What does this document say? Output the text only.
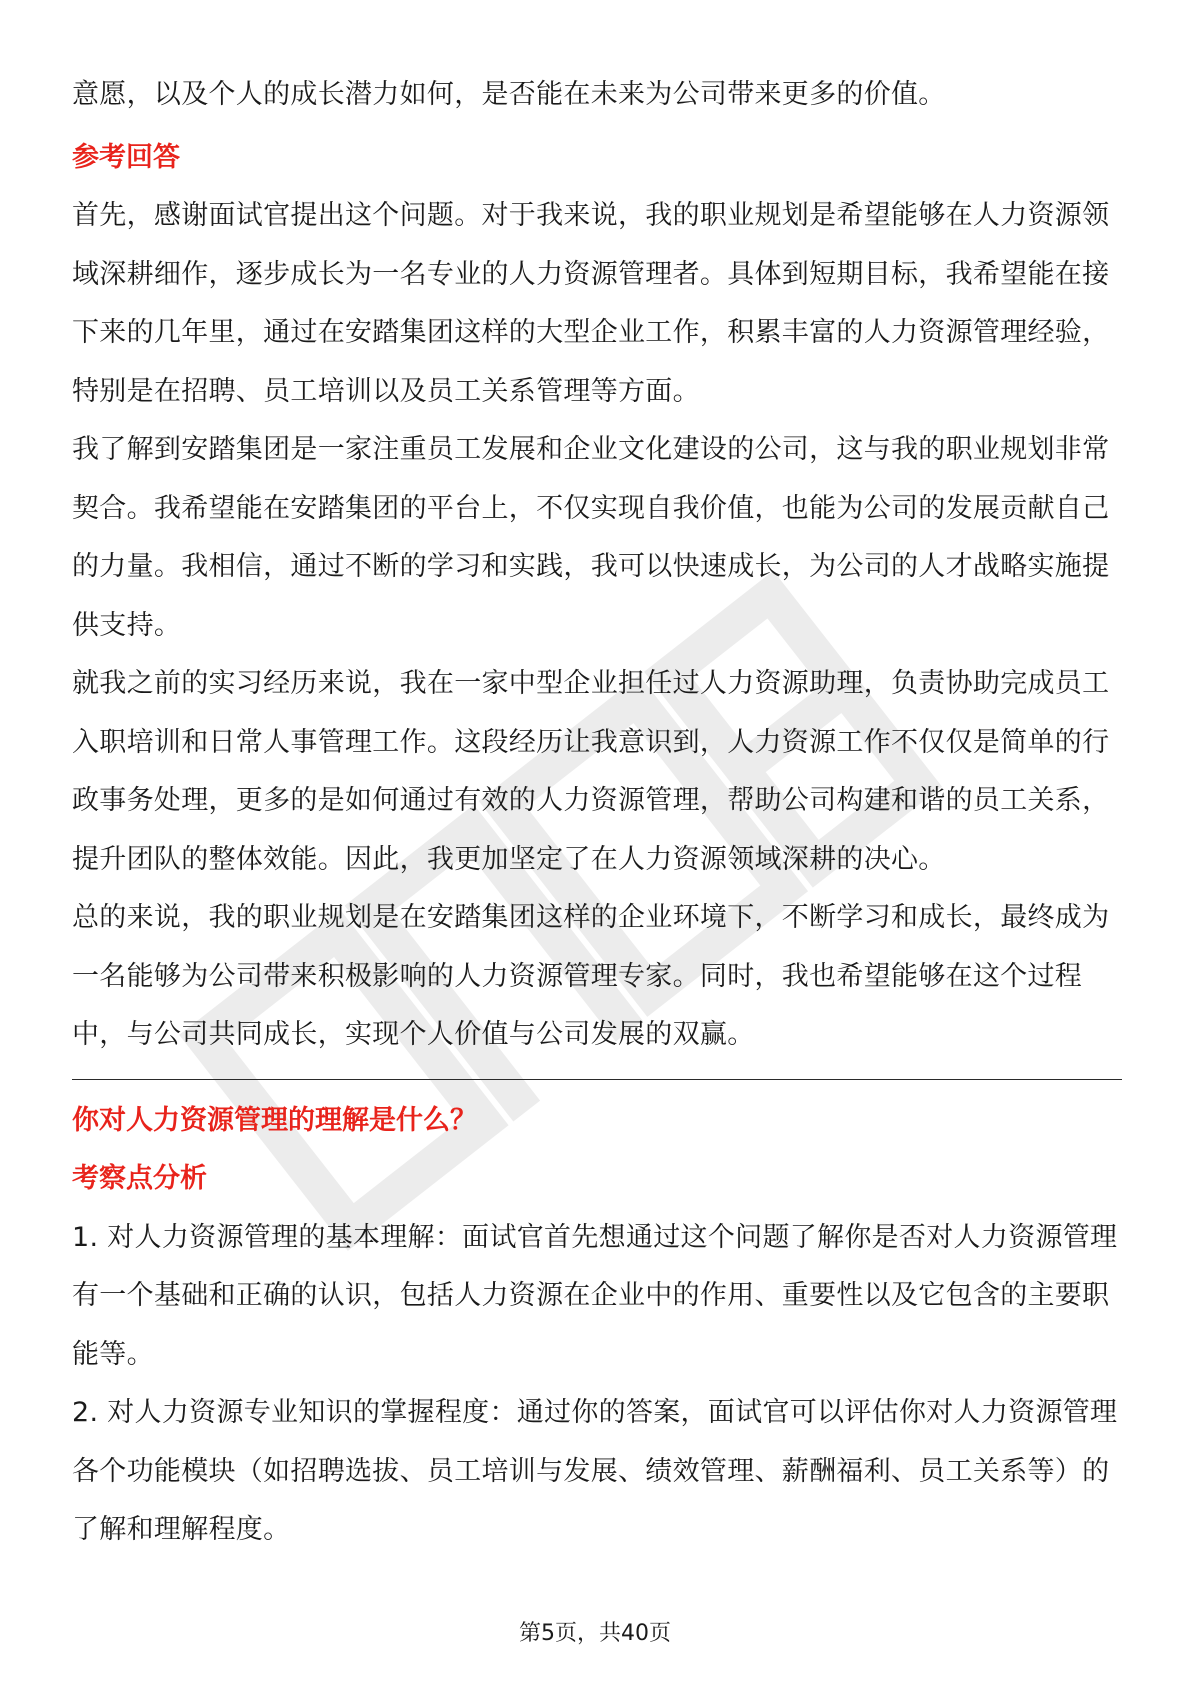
意愿，以及个人的成长潜力如何，是否能在未来为公司带来更多的价值。

参考回答

首先，感谢面试官提出这个问题。对于我来说，我的职业规划是希望能够在人力资源领域深耕细作，逐步成长为一名专业的人力资源管理者。具体到短期目标，我希望能在接下来的几年里，通过在安踏集团这样的大型企业工作，积累丰富的人力资源管理经验，特别是在招聘、员工培训以及员工关系管理等方面。

我了解到安踏集团是一家注重员工发展和企业文化建设的公司，这与我的职业规划非常契合。我希望能在安踏集团的平台上，不仅实现自我价值，也能为公司的发展贡献自己的力量。我相信，通过不断的学习和实践，我可以快速成长，为公司的人才战略实施提供支持。

就我之前的实习经历来说，我在一家中型企业担任过人力资源助理，负责协助完成员工入职培训和日常人事管理工作。这段经历让我意识到，人力资源工作不仅仅是简单的行政事务处理，更多的是如何通过有效的人力资源管理，帮助公司构建和谐的员工关系，提升团队的整体效能。因此，我更加坚定了在人力资源领域深耕的决心。

总的来说，我的职业规划是在安踏集团这样的企业环境下，不断学习和成长，最终成为一名能够为公司带来积极影响的人力资源管理专家。同时，我也希望能够在这个过程中，与公司共同成长，实现个人价值与公司发展的双赢。

你对人力资源管理的理解是什么？

考察点分析

1. 对人力资源管理的基本理解：面试官首先想通过这个问题了解你是否对人力资源管理有一个基础和正确的认识，包括人力资源在企业中的作用、重要性以及它包含的主要职能等。

2. 对人力资源专业知识的掌握程度：通过你的答案，面试官可以评估你对人力资源管理各个功能模块（如招聘选拔、员工培训与发展、绩效管理、薪酬福利、员工关系等）的了解和理解程度。

第5页，共40页
